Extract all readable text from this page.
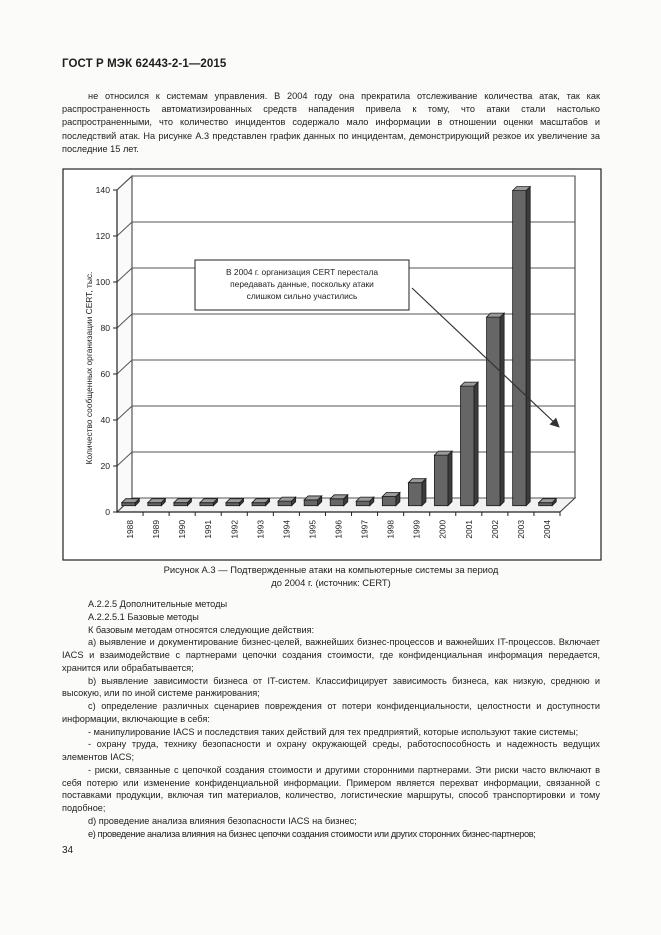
ГОСТ Р МЭК 62443-2-1—2015

не относился к системам управления. В 2004 году она прекратила отслеживание количества атак, так как распространенность автоматизированных средств нападения привела к тому, что атаки стали настолько распространенными, что количество инцидентов содержало мало информации в отношении оценки масштабов и последствий атак. На рисунке А.3 представлен график данных по инцидентам, демонстрирующий резкое их увеличение за последние 15 лет.

0
20
40
60
80
100
120
140
1988 1989 1990 1991 1992 1993 1994 1995 1996 1997 1998 1999 2000 2001 2002 2003 2004
Количество сообщенных организации CERT, тыс.	В 2004 г. организация CERT перестала
передавать данные, поскольку атаки
слишком сильно участились
Рисунок А.3 — Подтвержденные атаки на компьютерные системы за период
до 2004 г. (источник: CERT)

А.2.2.5 Дополнительные методы

А.2.2.5.1 Базовые методы

К базовым методам относятся следующие действия:

а) выявление и документирование бизнес-целей, важнейших бизнес-процессов и важнейших IT-процессов. Включает IACS и взаимодействие с партнерами цепочки создания стоимости, где конфиденциальная информация передается, хранится или обрабатывается;

b) выявление зависимости бизнеса от IT-систем. Классифицирует зависимость бизнеса, как низкую, среднюю и высокую, или по иной системе ранжирования;

с) определение различных сценариев повреждения от потери конфиденциальности, целостности и доступности информации, включающие в себя:

- манипулирование IACS и последствия таких действий для тех предприятий, которые используют такие системы;

- охрану труда, технику безопасности и охрану окружающей среды, работоспособность и надежность ведущих элементов IACS;

- риски, связанные с цепочкой создания стоимости и другими сторонними партнерами. Эти риски часто включают в себя потерю или изменение конфиденциальной информации. Примером является перехват информации, связанной с поставками продукции, включая тип материалов, количество, логистические маршруты, способ транспортировки и тому подобное;

d) проведение анализа влияния безопасности IACS на бизнес;

е) проведение анализа влияния на бизнес цепочки создания стоимости или других сторонних бизнес-партнеров;

34
